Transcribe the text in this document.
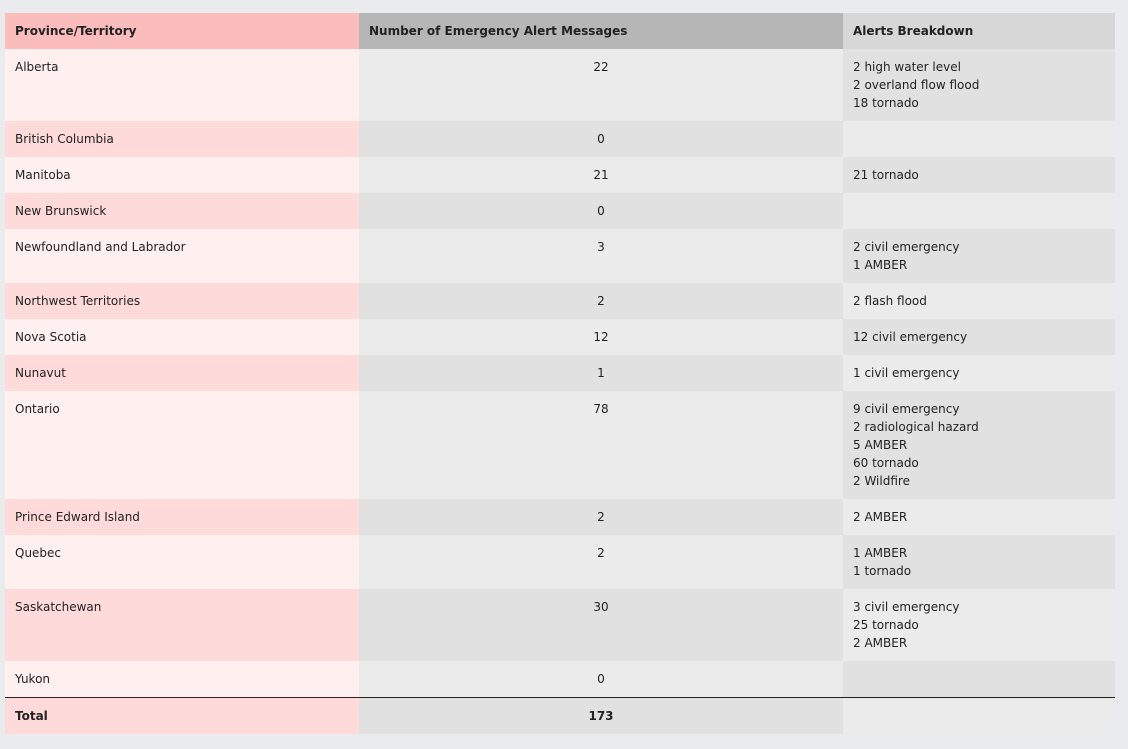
Province/Territory	Number of Emergency Alert Messages	Alerts Breakdown
Alberta	22	2 high water level
2 overland flow flood
18 tornado

British Columbia	0	
Manitoba	21	21 tornado

New Brunswick	0	
Newfoundland and Labrador	3	2 civil emergency
1 AMBER

Northwest Territories	2	2 flash flood

Nova Scotia	12	12 civil emergency

Nunavut	1	1 civil emergency

Ontario	78	9 civil emergency
2 radiological hazard
5 AMBER
60 tornado
2 Wildfire

Prince Edward Island	2	2 AMBER

Quebec	2	1 AMBER
1 tornado

Saskatchewan	30	3 civil emergency
25 tornado
2 AMBER

Yukon	0	
Total	173	
